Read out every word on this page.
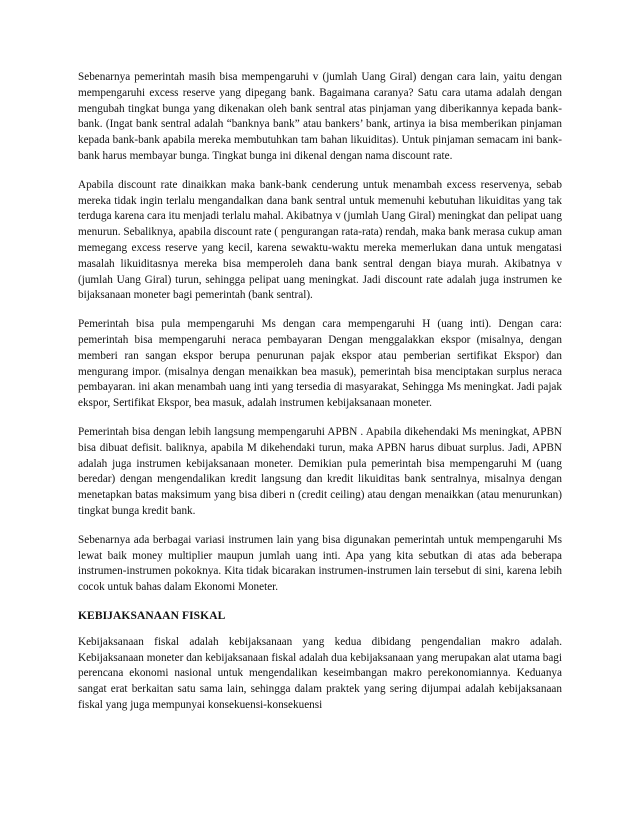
Sebenarnya pemerintah masih bisa mempengaruhi v (jumlah Uang Giral) dengan cara lain, yaitu dengan mempengaruhi excess reserve yang dipegang bank. Bagaimana caranya? Satu cara utama adalah dengan mengubah tingkat bunga yang dikenakan oleh bank sentral atas pinjaman yang diberikannya kepada bank-bank. (Ingat bank sentral adalah “banknya bank” atau bankers’ bank, artinya ia bisa memberikan pinjaman kepada bank-bank apabila mereka membutuhkan tam bahan likuiditas). Untuk pinjaman semacam ini bank-bank harus membayar bunga. Tingkat bunga ini dikenal dengan nama discount rate.

Apabila discount rate dinaikkan maka bank-bank cenderung untuk menambah excess reservenya, sebab mereka tidak ingin terlalu mengandalkan dana bank sentral untuk memenuhi kebutuhan likuiditas yang tak terduga karena cara itu menjadi terlalu mahal. Akibatnya v (jumlah Uang Giral) meningkat dan pelipat uang menurun. Sebaliknya, apabila discount rate ( pengurangan rata-rata) rendah, maka bank merasa cukup aman memegang excess reserve yang kecil, karena sewaktu-waktu mereka memerlukan dana untuk mengatasi masalah likuiditasnya mereka bisa memperoleh dana bank sentral dengan biaya murah. Akibatnya v (jumlah Uang Giral) turun, sehingga pelipat uang meningkat. Jadi discount rate adalah juga instrumen ke bijaksanaan moneter bagi pemerintah (bank sentral).

Pemerintah bisa pula mempengaruhi Ms dengan cara mempengaruhi H (uang inti). Dengan cara: pemerintah bisa mempengaruhi neraca pembayaran Dengan menggalakkan ekspor (misalnya, dengan memberi ran sangan ekspor berupa penurunan pajak ekspor atau pemberian sertifikat Ekspor) dan mengurang impor. (misalnya dengan menaikkan bea masuk), pemerintah bisa menciptakan surplus neraca pembayaran. ini akan menambah uang inti yang tersedia di masyarakat, Sehingga Ms meningkat. Jadi pajak ekspor, Sertifikat Ekspor, bea masuk, adalah instrumen kebijaksanaan moneter.

Pemerintah bisa dengan lebih langsung mempengaruhi APBN . Apabila dikehendaki Ms meningkat, APBN bisa dibuat defisit. baliknya, apabila M dikehendaki turun, maka APBN harus dibuat surplus. Jadi, APBN adalah juga instrumen kebijaksanaan moneter. Demikian pula pemerintah bisa mempengaruhi M (uang beredar) dengan mengendalikan kredit langsung dan kredit likuiditas bank sentralnya, misalnya dengan menetapkan batas maksimum yang bisa diberi n (credit ceiling) atau dengan menaikkan (atau menurunkan) tingkat bunga kredit bank.

Sebenarnya ada berbagai variasi instrumen lain yang bisa digunakan pemerintah untuk mempengaruhi Ms lewat baik money multiplier maupun jumlah uang inti. Apa yang kita sebutkan di atas ada beberapa instrumen-instrumen pokoknya. Kita tidak bicarakan instrumen-instrumen lain tersebut di sini, karena lebih cocok untuk bahas dalam Ekonomi Moneter.

KEBIJAKSANAAN FISKAL

Kebijaksanaan fiskal adalah kebijaksanaan yang kedua dibidang pengendalian makro adalah. Kebijaksanaan moneter dan kebijaksanaan fiskal adalah dua kebijaksanaan yang merupakan alat utama bagi perencana ekonomi nasional untuk mengendalikan keseimbangan makro perekonomiannya. Keduanya sangat erat berkaitan satu sama lain, sehingga dalam praktek yang sering dijumpai adalah kebijaksanaan fiskal yang juga mempunyai konsekuensi-konsekuensi
